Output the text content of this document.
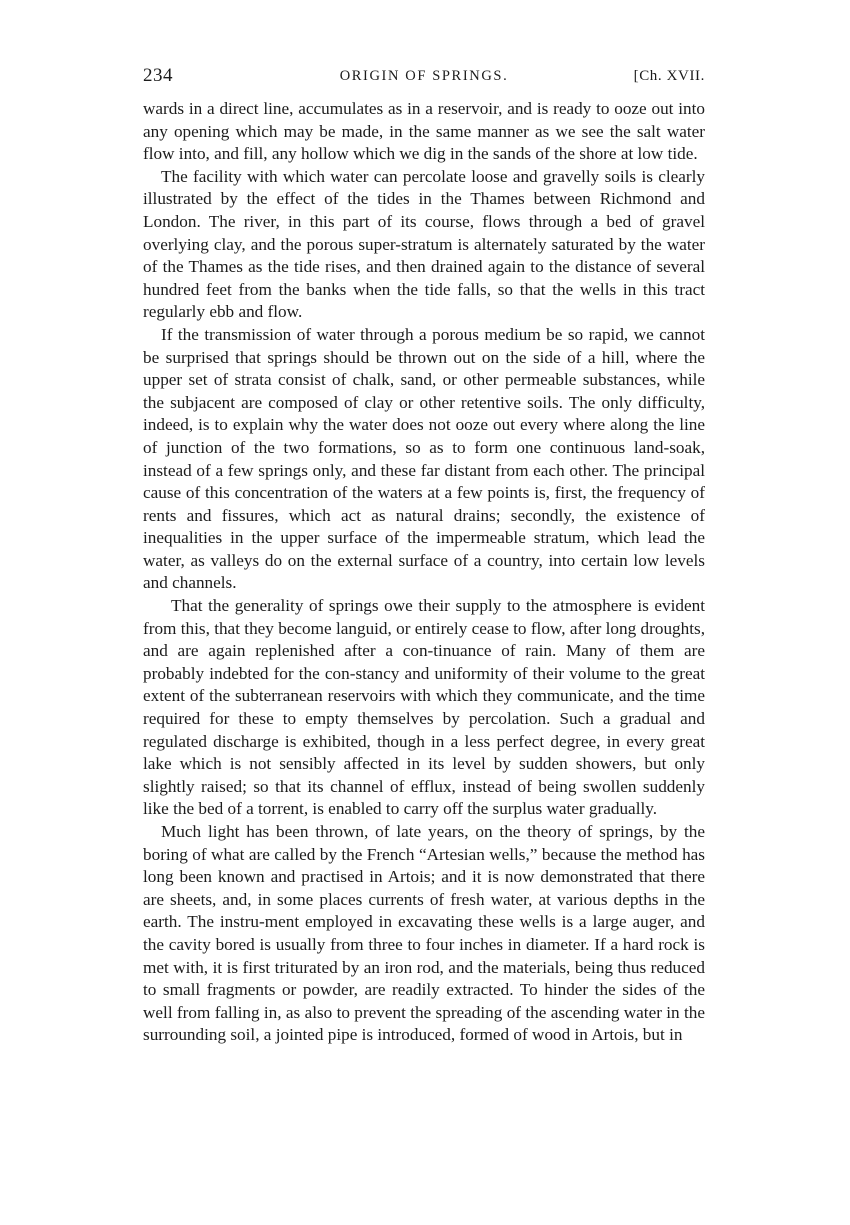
234	ORIGIN OF SPRINGS.	[Ch. XVII.

wards in a direct line, accumulates as in a reservoir, and is ready to ooze out into any opening which may be made, in the same manner as we see the salt water flow into, and fill, any hollow which we dig in the sands of the shore at low tide.

The facility with which water can percolate loose and gravelly soils is clearly illustrated by the effect of the tides in the Thames between Richmond and London. The river, in this part of its course, flows through a bed of gravel overlying clay, and the porous super-stratum is alternately saturated by the water of the Thames as the tide rises, and then drained again to the distance of several hundred feet from the banks when the tide falls, so that the wells in this tract regularly ebb and flow.

If the transmission of water through a porous medium be so rapid, we cannot be surprised that springs should be thrown out on the side of a hill, where the upper set of strata consist of chalk, sand, or other permeable substances, while the subjacent are composed of clay or other retentive soils. The only difficulty, indeed, is to explain why the water does not ooze out every where along the line of junction of the two formations, so as to form one continuous land-soak, instead of a few springs only, and these far distant from each other. The principal cause of this concentration of the waters at a few points is, first, the frequency of rents and fissures, which act as natural drains; secondly, the existence of inequalities in the upper surface of the impermeable stratum, which lead the water, as valleys do on the external surface of a country, into certain low levels and channels.

That the generality of springs owe their supply to the atmosphere is evident from this, that they become languid, or entirely cease to flow, after long droughts, and are again replenished after a con-tinuance of rain. Many of them are probably indebted for the con-stancy and uniformity of their volume to the great extent of the subterranean reservoirs with which they communicate, and the time required for these to empty themselves by percolation. Such a gradual and regulated discharge is exhibited, though in a less perfect degree, in every great lake which is not sensibly affected in its level by sudden showers, but only slightly raised; so that its channel of efflux, instead of being swollen suddenly like the bed of a torrent, is enabled to carry off the surplus water gradually.

Much light has been thrown, of late years, on the theory of springs, by the boring of what are called by the French “Artesian wells,” because the method has long been known and practised in Artois; and it is now demonstrated that there are sheets, and, in some places currents of fresh water, at various depths in the earth. The instru-ment employed in excavating these wells is a large auger, and the cavity bored is usually from three to four inches in diameter. If a hard rock is met with, it is first triturated by an iron rod, and the materials, being thus reduced to small fragments or powder, are readily extracted. To hinder the sides of the well from falling in, as also to prevent the spreading of the ascending water in the surrounding soil, a jointed pipe is introduced, formed of wood in Artois, but in
